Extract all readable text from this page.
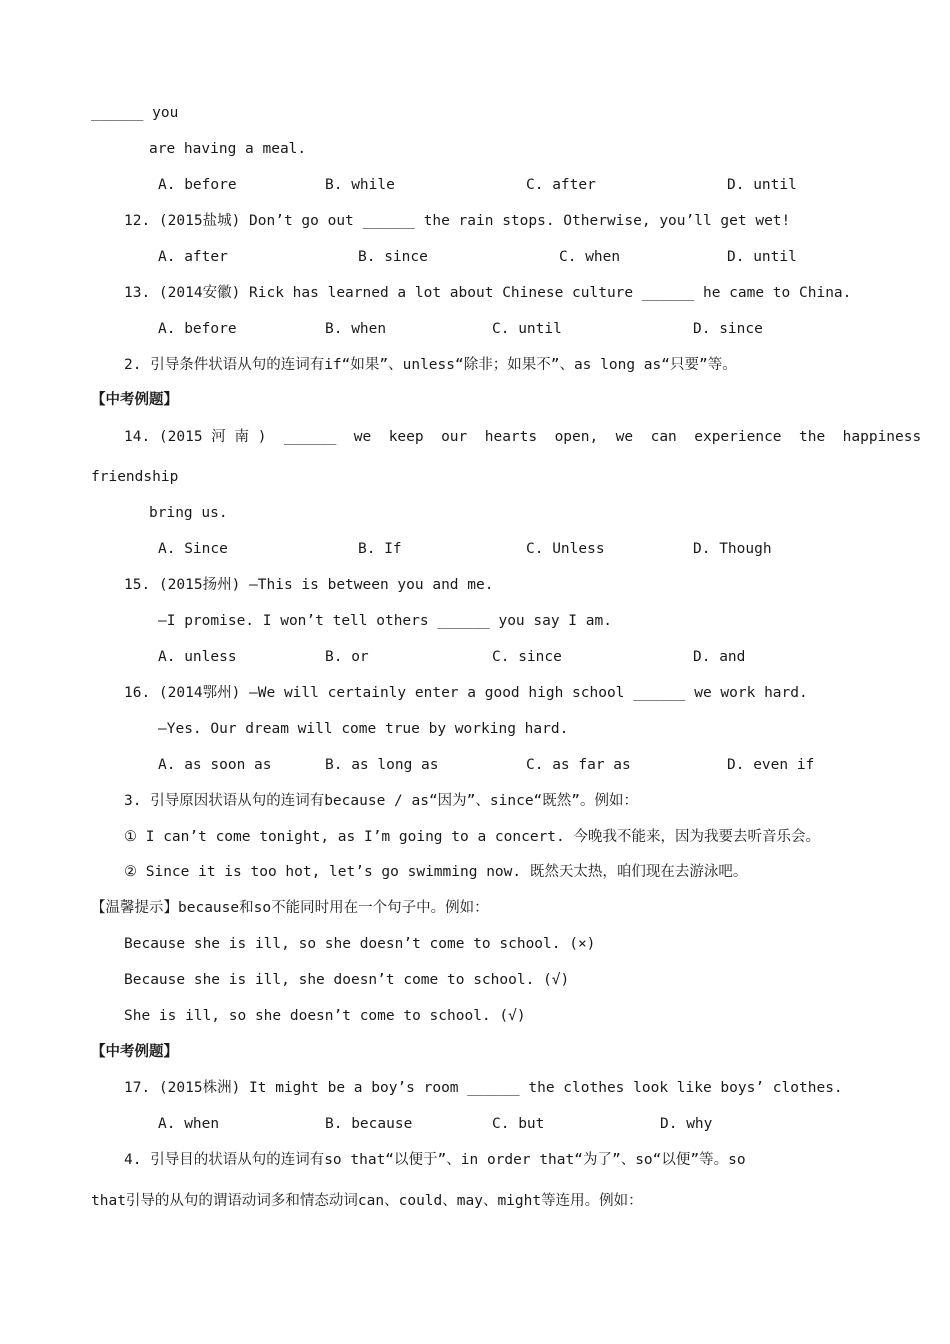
______ you
are having a meal.
A. before	B. while	C. after	D. until
12. (2015盐城) Don’t go out ______ the rain stops. Otherwise, you’ll get wet!
A. after	B. since	C. when	D. until
13. (2014安徽) Rick has learned a lot about Chinese culture ______ he came to China.
A. before	B. when	C. until	D. since
2. 引导条件状语从句的连词有if“如果”、unless“除非；如果不”、as long as“只要”等。
【中考例题】
14. (2015 河 南 )  ______  we  keep  our  hearts  open,  we  can  experience  the  happiness
friendship
bring us.
A. Since	B. If	C. Unless	D. Though
15. (2015扬州) —This is between you and me.
—I promise. I won’t tell others ______ you say I am.
A. unless	B. or	C. since	D. and
16. (2014鄂州) —We will certainly enter a good high school ______ we work hard.
—Yes. Our dream will come true by working hard.
A. as soon as	B. as long as	C. as far as	D. even if
3. 引导原因状语从句的连词有because / as“因为”、since“既然”。例如：
① I can’t come tonight, as I’m going to a concert. 今晚我不能来，因为我要去听音乐会。
② Since it is too hot, let’s go swimming now. 既然天太热，咱们现在去游泳吧。
【温馨提示】because和so不能同时用在一个句子中。例如：
Because she is ill, so she doesn’t come to school. (×)
Because she is ill, she doesn’t come to school. (√)
She is ill, so she doesn’t come to school. (√)
【中考例题】
17. (2015株洲) It might be a boy’s room ______ the clothes look like boys’ clothes.
A. when	B. because	C. but	D. why
4. 引导目的状语从句的连词有so that“以便于”、in order that“为了”、so“以便”等。so
that引导的从句的谓语动词多和情态动词can、could、may、might等连用。例如：
